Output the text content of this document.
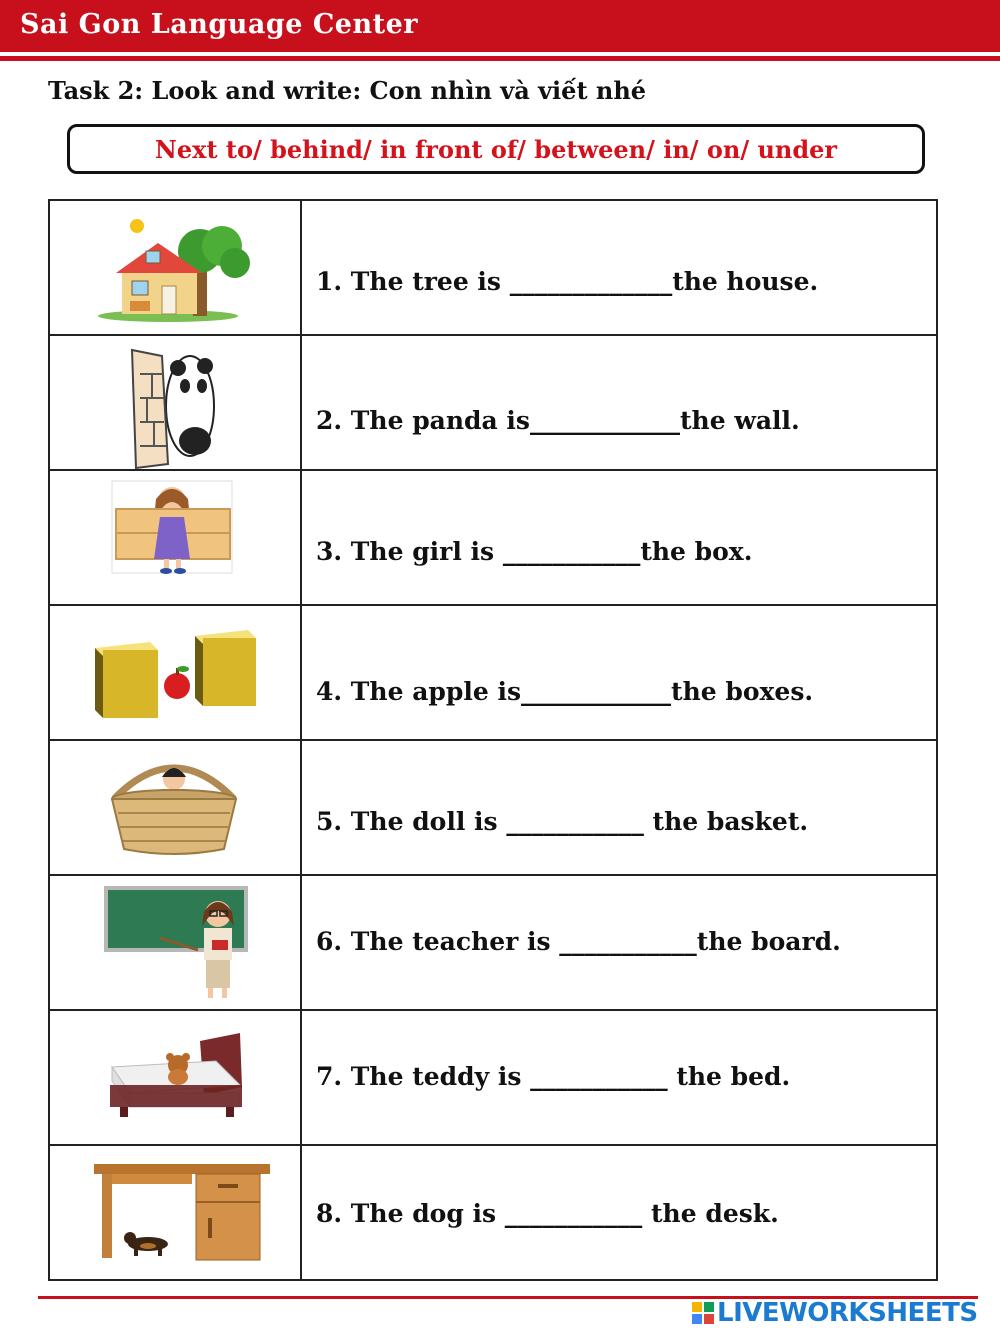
Sai Gon Language Center
Task 2: Look and write: Con nhìn và viết nhé
Next to/ behind/ in front of/ between/ in/ on/ under
1. The tree is _____________the house.
2. The panda is____________the wall.
3. The girl is ___________the box.
4. The apple is____________the boxes.
5. The doll is ___________ the basket.
6. The teacher is ___________the board.
7. The teddy is ___________ the bed.
8. The dog is ___________ the desk.
LIVEWORKSHEETS
